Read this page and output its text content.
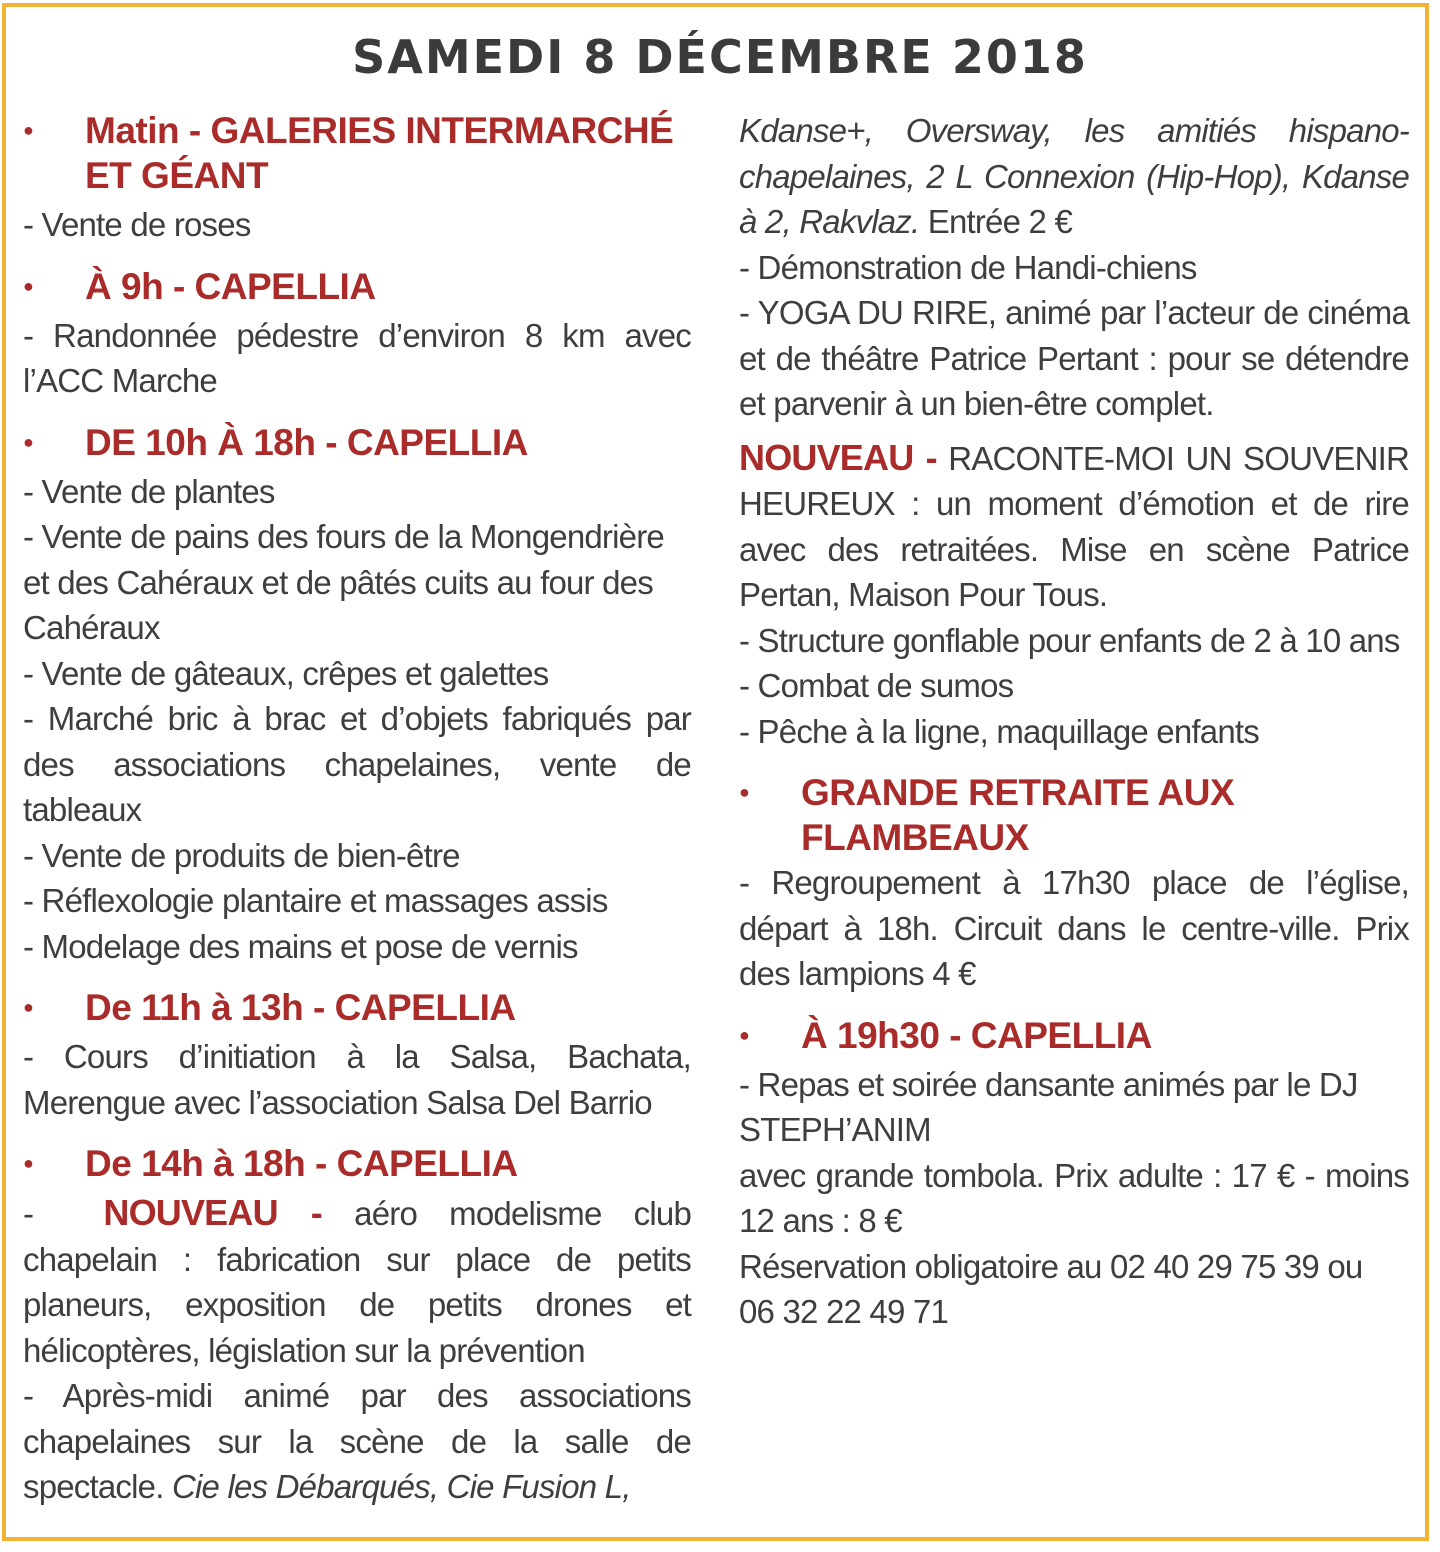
SAMEDI 8 DÉCEMBRE 2018
●
Matin - GALERIES INTERMARCHÉ ET GÉANT

- Vente de roses

●
À 9h - CAPELLIA

- Randonnée pédestre d’environ 8 km avec l’ACC Marche

●
DE 10h À 18h - CAPELLIA

- Vente de plantes

- Vente de pains des fours de la Mongendrière et des Cahéraux et de pâtés cuits au four des Cahéraux

- Vente de gâteaux, crêpes et galettes

- Marché bric à brac et d’objets fabriqués par des associations chapelaines, vente de tableaux

- Vente de produits de bien-être

- Réflexologie plantaire et massages assis

- Modelage des mains et pose de vernis

●
De 11h à 13h - CAPELLIA

- Cours d’initiation à la Salsa, Bachata, Merengue avec l’association Salsa Del Barrio

●
De 14h à 18h - CAPELLIA

- NOUVEAU - aéro modelisme club chapelain : fabrication sur place de petits planeurs, exposition de petits drones et hélicoptères, législation sur la prévention

- Après-midi animé par des associations chapelaines sur la scène de la salle de spectacle. Cie les Débarqués, Cie Fusion L,

Kdanse+, Oversway, les amitiés hispano-chapelaines, 2 L Connexion (Hip-Hop), Kdanse à 2, Rakvlaz. Entrée 2 €

- Démonstration de Handi-chiens

- YOGA DU RIRE, animé par l’acteur de cinéma et de théâtre Patrice Pertant : pour se détendre et parvenir à un bien-être complet.

NOUVEAU - RACONTE-MOI UN SOUVENIR HEUREUX : un moment d’émotion et de rire avec des retraitées. Mise en scène Patrice Pertan, Maison Pour Tous.

- Structure gonflable pour enfants de 2 à 10 ans

- Combat de sumos

- Pêche à la ligne, maquillage enfants

●
GRANDE RETRAITE AUX FLAMBEAUX

- Regroupement à 17h30 place de l’église, départ à 18h. Circuit dans le centre-ville. Prix des lampions 4 €

●
À 19h30 - CAPELLIA

- Repas et soirée dansante animés par le DJ STEPH’ANIM

avec grande tombola. Prix adulte : 17 € - moins 12 ans : 8 €

Réservation obligatoire au 02 40 29 75 39 ou 06 32 22 49 71
